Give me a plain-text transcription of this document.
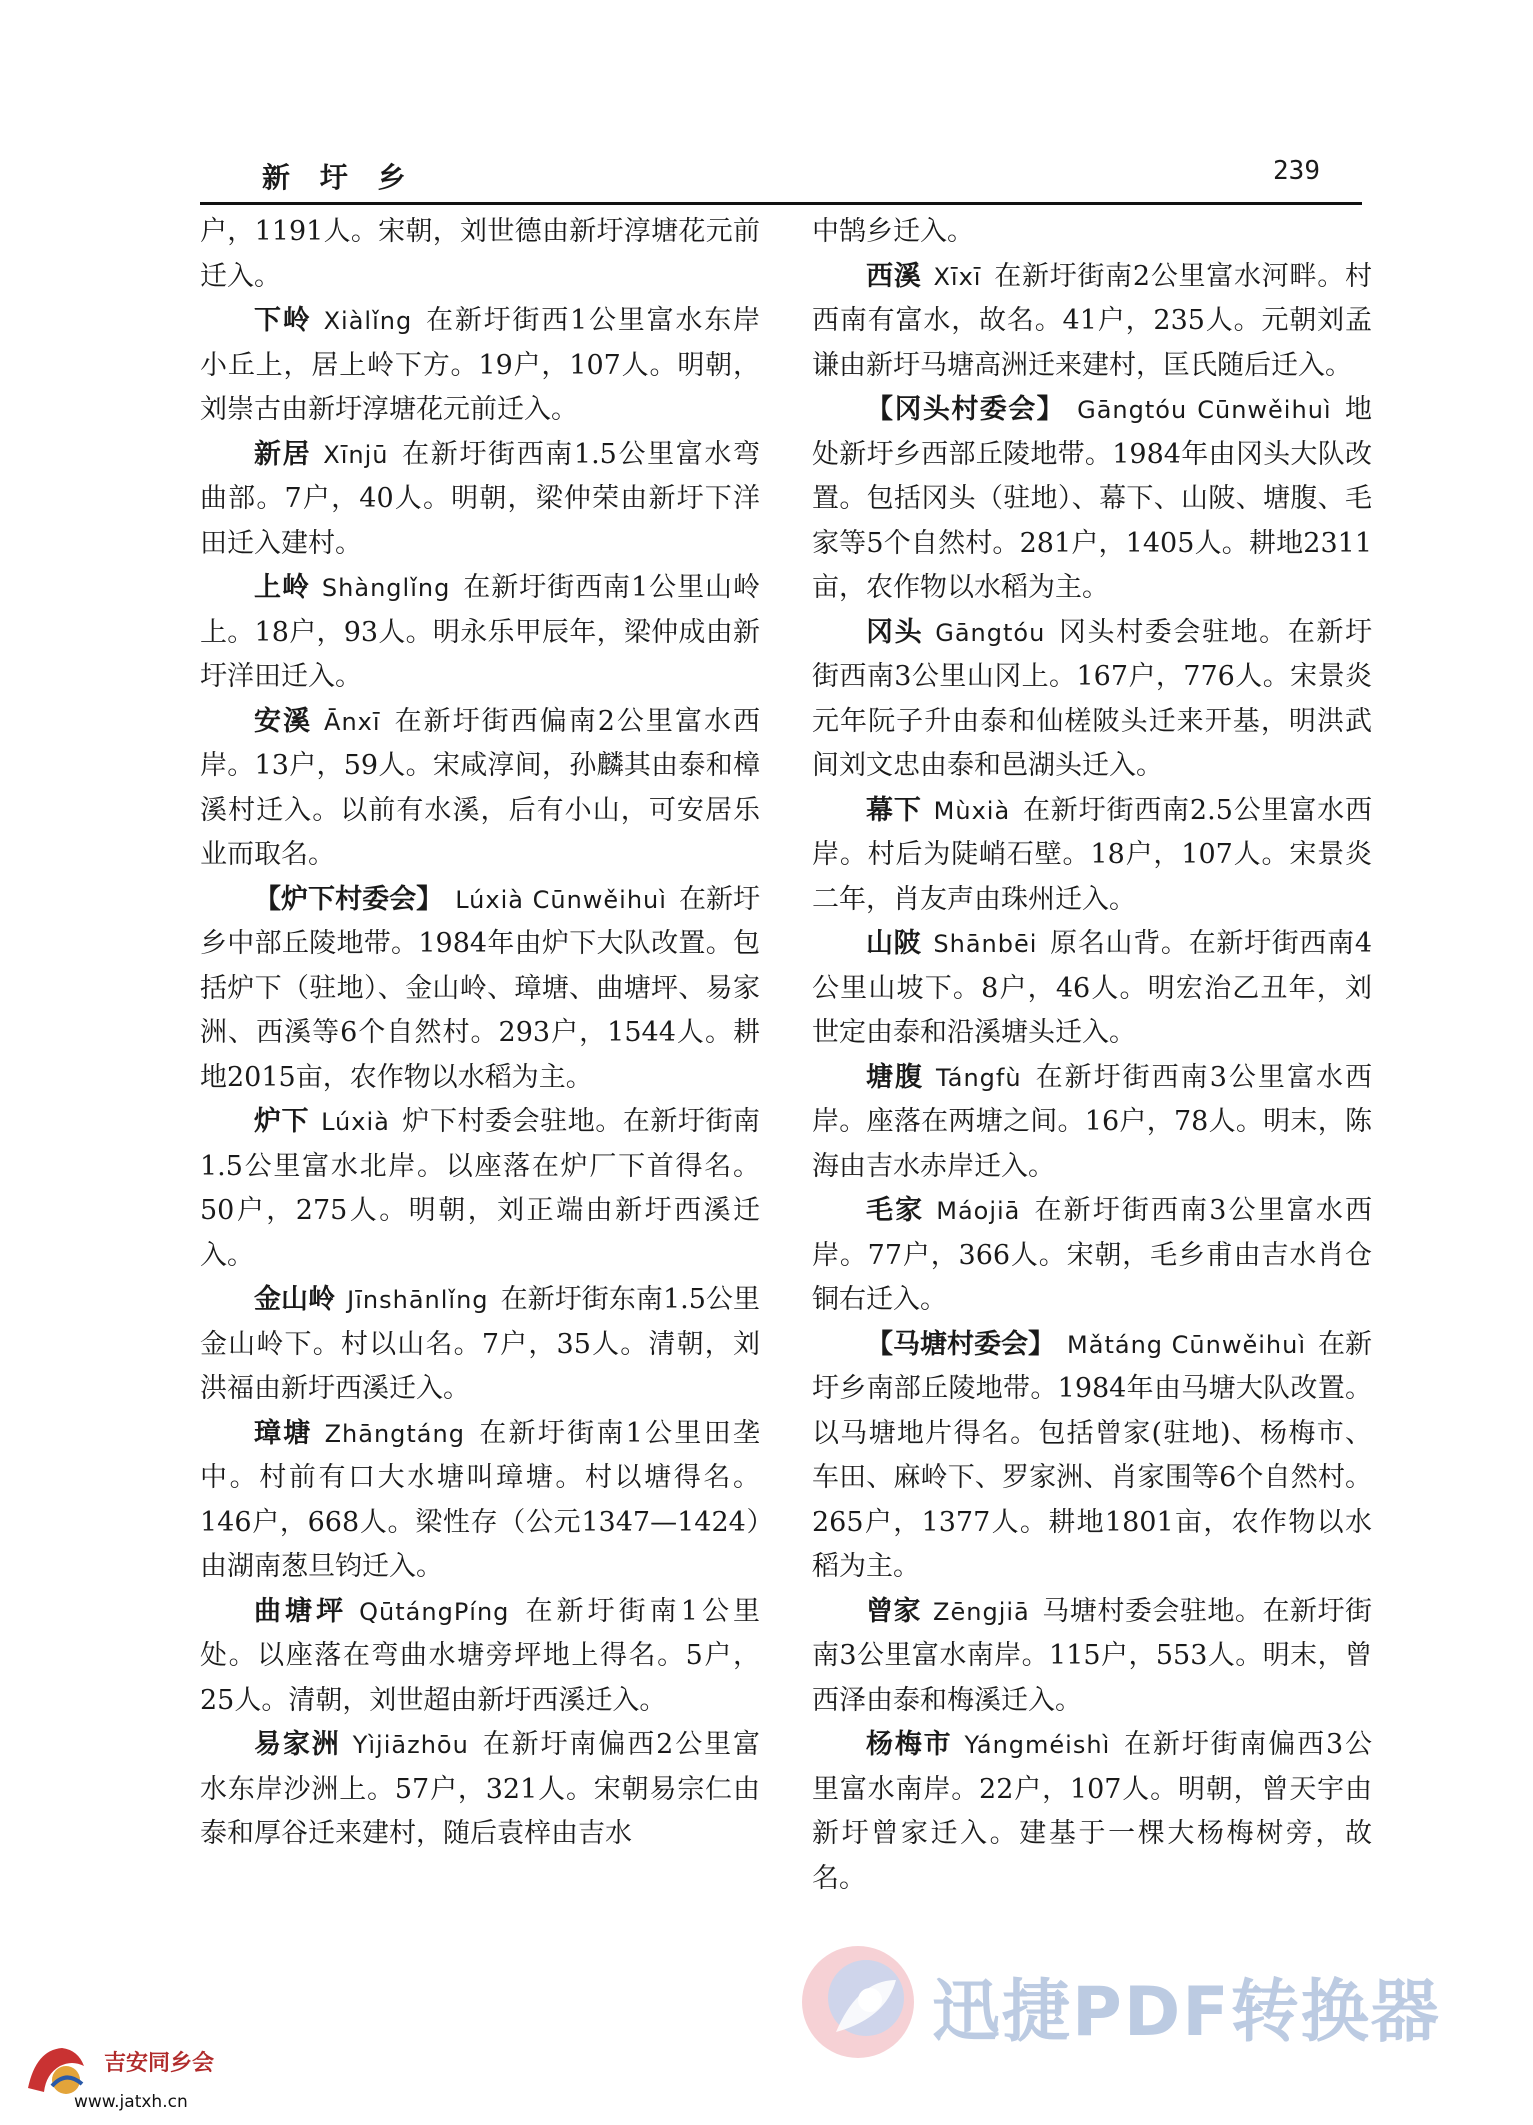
新 圩 乡	239

户，1191人。宋朝，刘世德由新圩淳塘花元前迁入。

下岭 Xiàlǐng 在新圩街西1公里富水东岸小丘上，居上岭下方。19户，107人。明朝，刘崇古由新圩淳塘花元前迁入。

新居 Xīnjū 在新圩街西南1.5公里富水弯曲部。7户，40人。明朝，梁仲荣由新圩下洋田迁入建村。

上岭 Shànglǐng 在新圩街西南1公里山岭上。18户，93人。明永乐甲辰年，梁仲成由新圩洋田迁入。

安溪 Ānxī 在新圩街西偏南2公里富水西岸。13户，59人。宋咸淳间，孙麟其由泰和樟溪村迁入。以前有水溪，后有小山，可安居乐业而取名。

【炉下村委会】 Lúxià Cūnwěihuì 在新圩乡中部丘陵地带。1984年由炉下大队改置。包括炉下（驻地）、金山岭、璋塘、曲塘坪、易家洲、西溪等6个自然村。293户，1544人。耕地2015亩，农作物以水稻为主。

炉下 Lúxià 炉下村委会驻地。在新圩街南1.5公里富水北岸。以座落在炉厂下首得名。50户，275人。明朝，刘正端由新圩西溪迁入。

金山岭 Jīnshānlǐng 在新圩街东南1.5公里金山岭下。村以山名。7户，35人。清朝，刘洪福由新圩西溪迁入。

璋塘 Zhāngtáng 在新圩街南1公里田垄中。村前有口大水塘叫璋塘。村以塘得名。146户，668人。梁性存（公元1347—1424）由湖南葱旦钧迁入。

曲塘坪 QūtángPíng 在新圩街南1公里处。以座落在弯曲水塘旁坪地上得名。5户，25人。清朝，刘世超由新圩西溪迁入。

易家洲 Yìjiāzhōu 在新圩南偏西2公里富水东岸沙洲上。57户，321人。宋朝易宗仁由泰和厚谷迁来建村，随后袁梓由吉水

中鹄乡迁入。

西溪 Xīxī 在新圩街南2公里富水河畔。村西南有富水，故名。41户，235人。元朝刘孟谦由新圩马塘高洲迁来建村，匡氏随后迁入。

【冈头村委会】 Gāngtóu Cūnwěihuì 地处新圩乡西部丘陵地带。1984年由冈头大队改置。包括冈头（驻地）、幕下、山陂、塘腹、毛家等5个自然村。281户，1405人。耕地2311亩，农作物以水稻为主。

冈头 Gāngtóu 冈头村委会驻地。在新圩街西南3公里山冈上。167户，776人。宋景炎元年阮子升由泰和仙槎陂头迁来开基，明洪武间刘文忠由泰和邑湖头迁入。

幕下 Mùxià 在新圩街西南2.5公里富水西岸。村后为陡峭石壁。18户，107人。宋景炎二年，肖友声由珠州迁入。

山陂 Shānbēi 原名山背。在新圩街西南4公里山坡下。8户，46人。明宏治乙丑年，刘世定由泰和沿溪塘头迁入。

塘腹 Tángfù 在新圩街西南3公里富水西岸。座落在两塘之间。16户，78人。明末，陈海由吉水赤岸迁入。

毛家 Máojiā 在新圩街西南3公里富水西岸。77户，366人。宋朝，毛乡甫由吉水肖仓铜右迁入。

【马塘村委会】 Mǎtáng Cūnwěihuì 在新圩乡南部丘陵地带。1984年由马塘大队改置。以马塘地片得名。包括曾家(驻地)、杨梅市、车田、麻岭下、罗家洲、肖家围等6个自然村。265户，1377人。耕地1801亩，农作物以水稻为主。

曾家 Zēngjiā 马塘村委会驻地。在新圩街南3公里富水南岸。115户，553人。明末，曾西泽由泰和梅溪迁入。

杨梅市 Yángméishì 在新圩街南偏西3公里富水南岸。22户，107人。明朝，曾天宇由新圩曾家迁入。建基于一棵大杨梅树旁，故名。

迅捷PDF转换器
吉安同乡会
www.jatxh.cn
